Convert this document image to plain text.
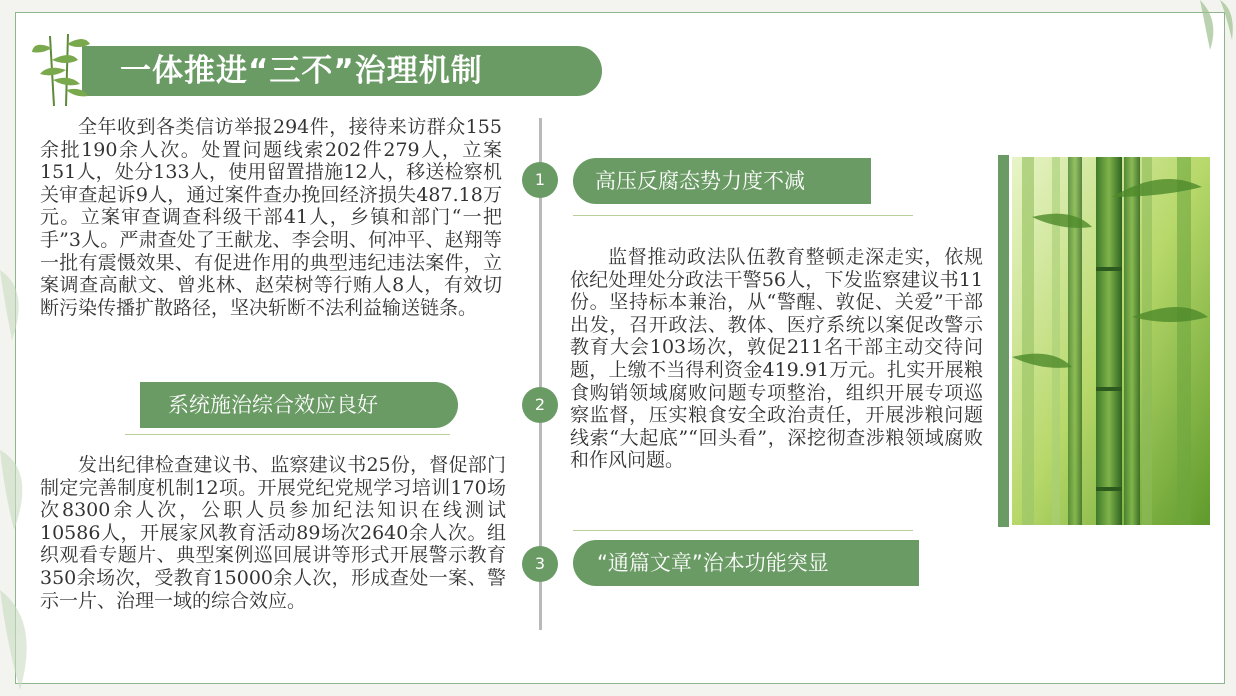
一体推进“三不”治理机制

全年收到各类信访举报294件，接待来访群众155余批190余人次。处置问题线索202件279人，立案151人，处分133人，使用留置措施12人，移送检察机关审查起诉9人，通过案件查办挽回经济损失487.18万元。立案审查调查科级干部41人，乡镇和部门“一把手”3人。严肃查处了王献龙、李会明、何冲平、赵翔等一批有震慑效果、有促进作用的典型违纪违法案件，立案调查高献文、曾兆林、赵荣树等行贿人8人，有效切断污染传播扩散路径，坚决斩断不法利益输送链条。

系统施治综合效应良好

发出纪律检查建议书、监察建议书25份，督促部门制定完善制度机制12项。开展党纪党规学习培训170场次8300余人次，公职人员参加纪法知识在线测试10586人，开展家风教育活动89场次2640余人次。组织观看专题片、典型案例巡回展讲等形式开展警示教育350余场次，受教育15000余人次，形成查处一案、警示一片、治理一域的综合效应。

1
2
3
高压反腐态势力度不减

监督推动政法队伍教育整顿走深走实，依规依纪处理处分政法干警56人，下发监察建议书11份。坚持标本兼治，从“警醒、敦促、关爱”干部出发，召开政法、教体、医疗系统以案促改警示教育大会103场次，敦促211名干部主动交待问题，上缴不当得利资金419.91万元。扎实开展粮食购销领域腐败问题专项整治，组织开展专项巡察监督，压实粮食安全政治责任，开展涉粮问题线索“大起底”“回头看”，深挖彻查涉粮领域腐败和作风问题。

“通篇文章”治本功能突显
